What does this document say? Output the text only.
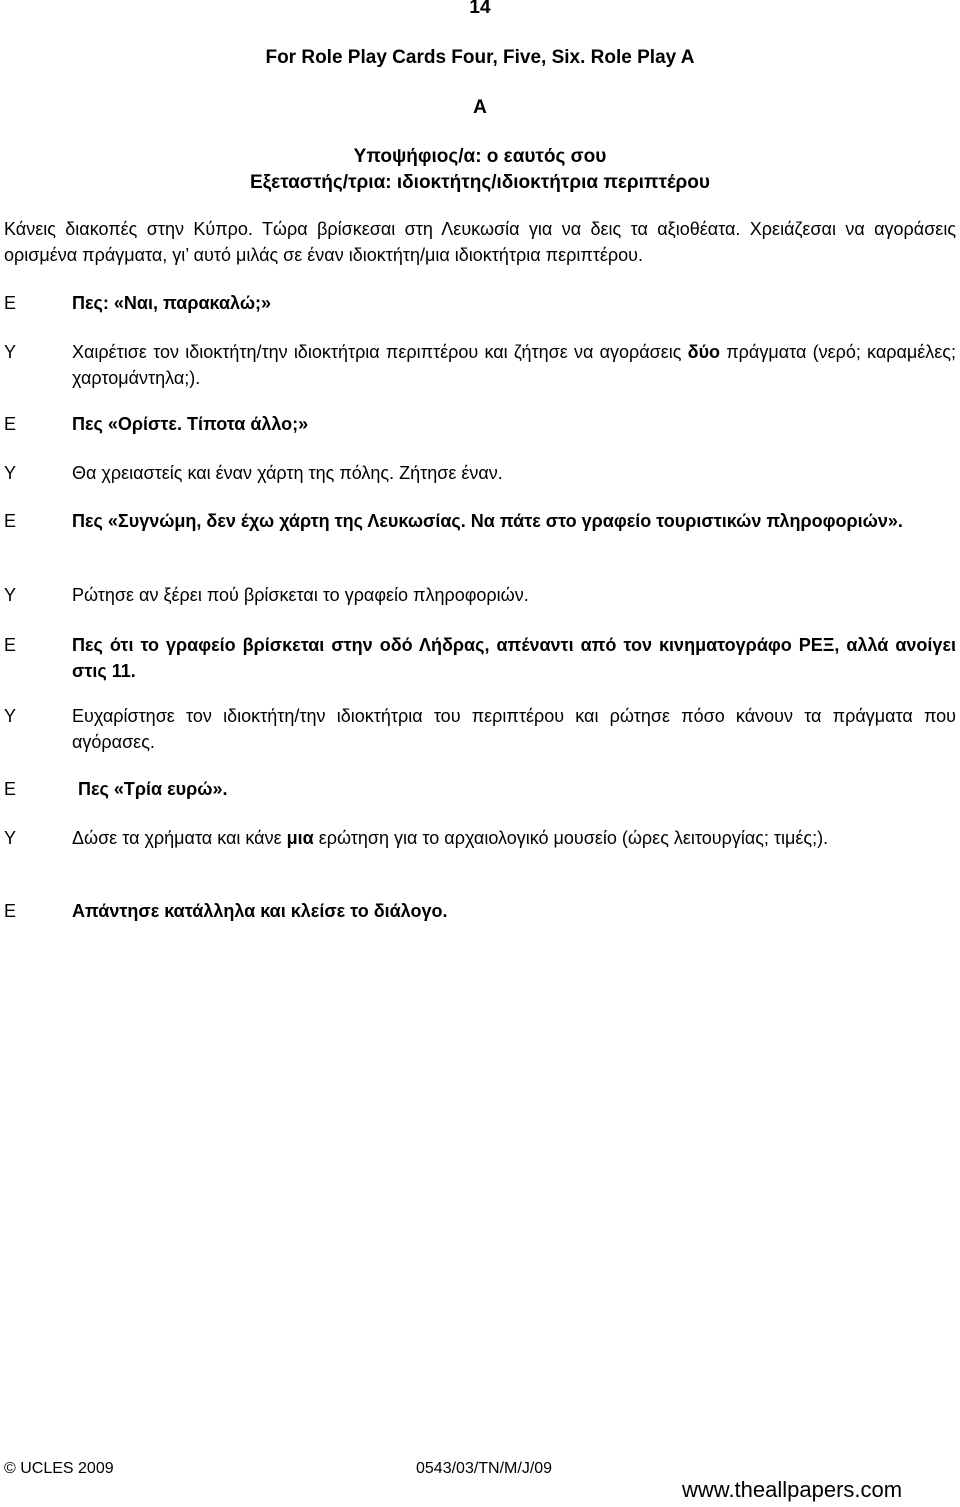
14
For Role Play Cards Four, Five, Six. Role Play A
A
Υποψήφιος/α: ο εαυτός σου
Εξεταστής/τρια: ιδιοκτήτης/ιδιοκτήτρια περιπτέρου
Κάνεις διακοπές στην Κύπρο. Τώρα βρίσκεσαι στη Λευκωσία για να δεις τα αξιοθέατα. Χρειάζεσαι να αγοράσεις ορισμένα πράγματα, γι’ αυτό μιλάς σε έναν ιδιοκτήτη/μια ιδιοκτήτρια περιπτέρου.
Ε	Πες: «Ναι, παρακαλώ;»
Υ	Χαιρέτισε τον ιδιοκτήτη/την ιδιοκτήτρια περιπτέρου και ζήτησε να αγοράσεις δύο πράγματα (νερό; καραμέλες; χαρτομάντηλα;).
Ε	Πες «Ορίστε. Τίποτα άλλο;»
Υ	Θα χρειαστείς και έναν χάρτη της πόλης. Ζήτησε έναν.
Ε	Πες «Συγνώμη, δεν έχω χάρτη της Λευκωσίας. Να πάτε στο γραφείο τουριστικών πληροφοριών».
Υ	Ρώτησε αν ξέρει πού βρίσκεται το γραφείο πληροφοριών.
Ε	Πες ότι το γραφείο βρίσκεται στην οδό Λήδρας, απέναντι από τον κινηματογράφο ΡΕΞ, αλλά ανοίγει στις 11.
Υ	Ευχαρίστησε τον ιδιοκτήτη/την ιδιοκτήτρια του περιπτέρου και ρώτησε πόσο κάνουν τα πράγματα που αγόρασες.
Ε	Πες «Τρία ευρώ».
Υ	Δώσε τα χρήματα και κάνε μια ερώτηση για το αρχαιολογικό μουσείο (ώρες λειτουργίας; τιμές;).
Ε	Απάντησε κατάλληλα και κλείσε το διάλογο.
© UCLES 2009	0543/03/TN/M/J/09
www.theallpapers.com
